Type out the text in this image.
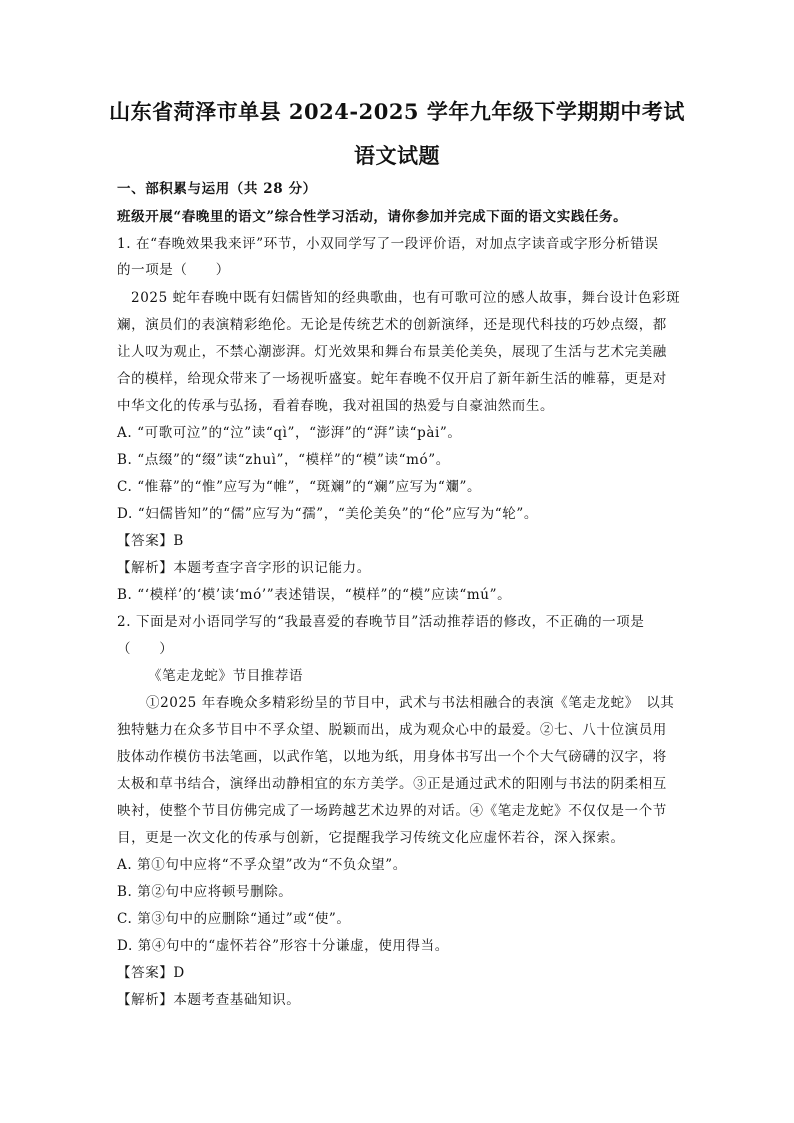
山东省菏泽市单县 2024-2025 学年九年级下学期期中考试
语文试题
一、部积累与运用（共 28 分）
班级开展“春晚里的语文”综合性学习活动，请你参加并完成下面的语文实践任务。
1. 在“春晚效果我来评”环节，小双同学写了一段评价语，对加点字读音或字形分析错误
的一项是（　　）
2025 蛇年春晚中既有妇儒皆知的经典歌曲，也有可歌可泣的感人故事，舞台设计色彩斑
斓，演员们的表演精彩绝伦。无论是传统艺术的创新演绎，还是现代科技的巧妙点缀，都
让人叹为观止，不禁心潮澎湃。灯光效果和舞台布景美伦美奂，展现了生活与艺术完美融
合的模样，给现众带来了一场视听盛宴。蛇年春晚不仅开启了新年新生活的帷幕，更是对
中华文化的传承与弘扬，看着春晚，我对祖国的热爱与自豪油然而生。
A. “可歌可泣”的“泣”读“qì”，“澎湃”的“湃”读“pài”。
B. “点缀”的“缀”读“zhuì”，“模样”的“模”读“mó”。
C. “惟幕”的“惟”应写为“帷”，“斑斓”的“斓”应写为“斕”。
D. “妇儒皆知”的“儒”应写为“孺”，“美伦美奂”的“伦”应写为“轮”。
【答案】B
【解析】本题考查字音字形的识记能力。
B. “‘模样’的‘模’读‘mó’”表述错误，“模样”的“模”应读“mú”。
2. 下面是对小语同学写的“我最喜爱的春晚节目”活动推荐语的修改，不正确的一项是
（　　）
《笔走龙蛇》节目推荐语
①2025 年春晚众多精彩纷呈的节目中，武术与书法相融合的表演《笔走龙蛇》　以其
独特魅力在众多节目中不孚众望、脱颖而出，成为观众心中的最爱。②七、八十位演员用
肢体动作模仿书法笔画，以武作笔，以地为纸，用身体书写出一个个大气磅礴的汉字，将
太极和草书结合，演绎出动静相宜的东方美学。③正是通过武术的阳刚与书法的阴柔相互
映衬，使整个节目仿佛完成了一场跨越艺术边界的对话。④《笔走龙蛇》不仅仅是一个节
目，更是一次文化的传承与创新，它提醒我学习传统文化应虚怀若谷，深入探索。
A. 第①句中应将“不孚众望”改为“不负众望”。
B. 第②句中应将顿号删除。
C. 第③句中的应删除“通过”或“使”。
D. 第④句中的“虚怀若谷”形容十分谦虚，使用得当。
【答案】D
【解析】本题考查基础知识。
